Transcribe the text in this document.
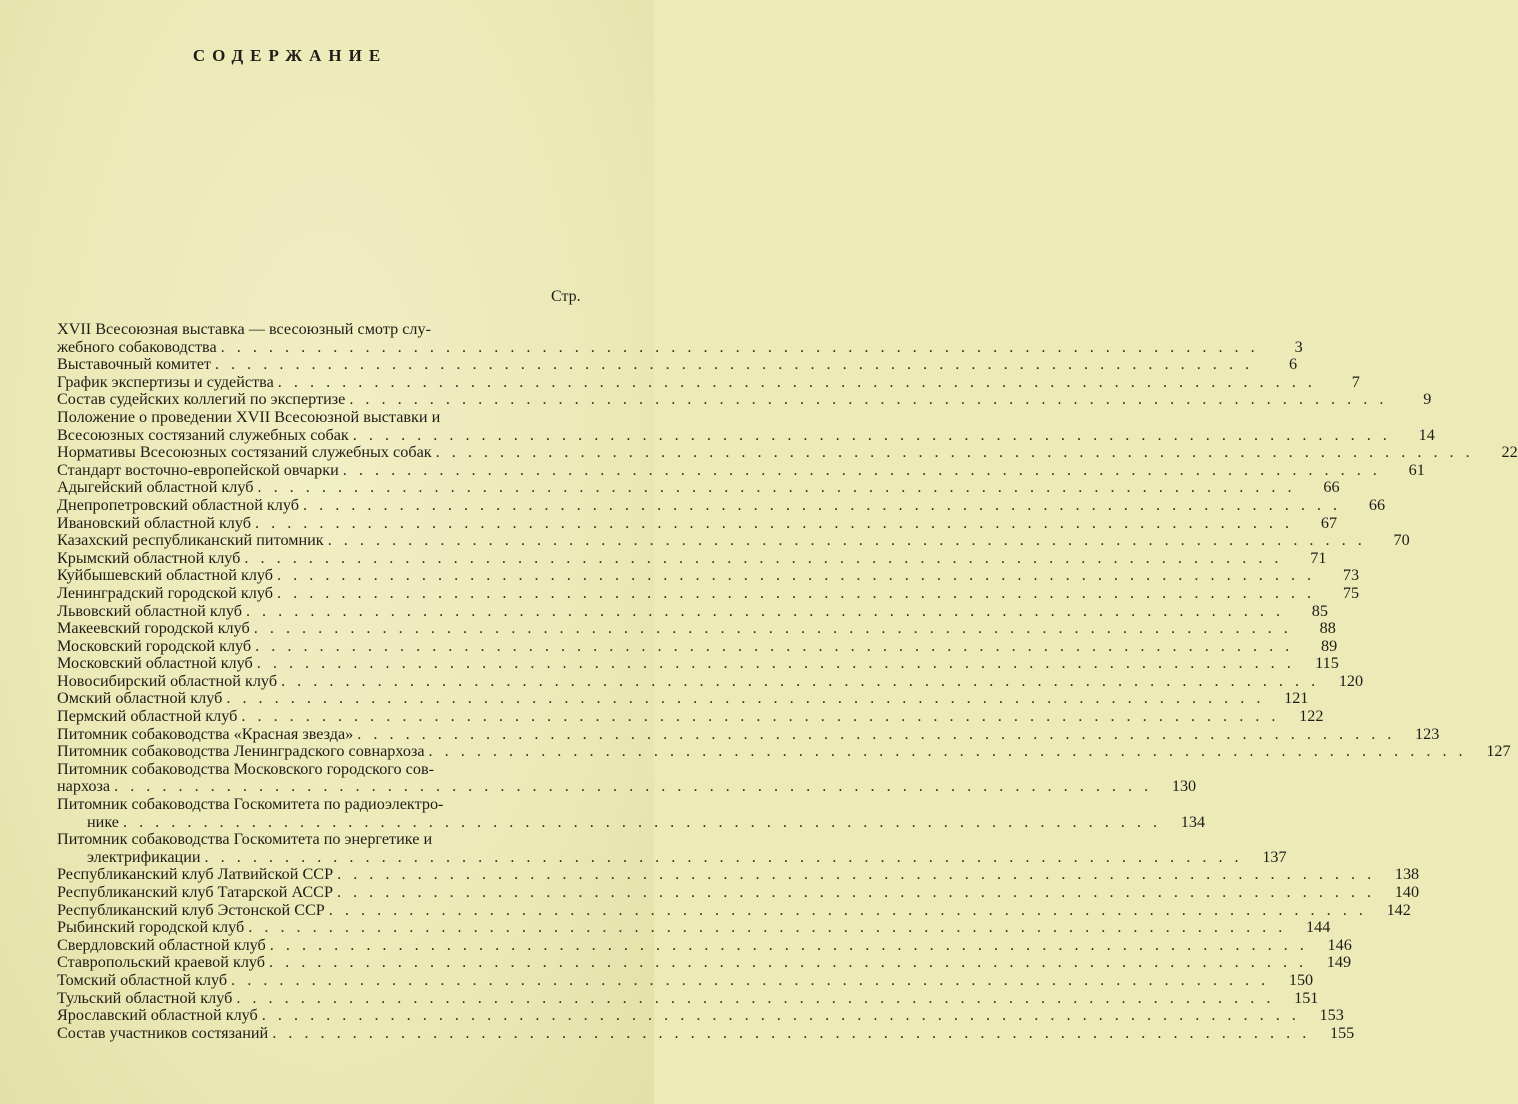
СОДЕРЖАНИЕ
Стр.
XVII Всесоюзная выставка — всесоюзный смотр слу-
жебного собаководства . . .	3
Выставочный комитет . . .	6
График экспертизы и судейства . . .	7
Состав судейских коллегий по экспертизе . . .	9
Положение о проведении XVII Всесоюзной выставки и
Всесоюзных состязаний служебных собак . . .	14
Нормативы Всесоюзных состязаний служебных собак . . .	22
Стандарт восточно-европейской овчарки . . .	61
Адыгейский областной клуб . . .	66
Днепропетровский областной клуб . . .	66
Ивановский областной клуб . . .	67
Казахский республиканский питомник . . .	70
Крымский областной клуб . . .	71
Куйбышевский областной клуб . . .	73
Ленинградский городской клуб . . .	75
Львовский областной клуб . . .	85
Макеевский городской клуб . . .	88
Московский городской клуб . . .	89
Московский областной клуб . . .	115
Новосибирский областной клуб . . .	120
Омский областной клуб . . .	121
Пермский областной клуб . . .	122
Питомник собаководства «Красная звезда» . . .	123
Питомник собаководства Ленинградского совнархоза . . .	127
Питомник собаководства Московского городского сов-
нархоза . . .	130
Питомник собаководства Госкомитета по радиоэлектро-
нике . . .	134
Питомник собаководства Госкомитета по энергетике и
электрификации . . .	137
Республиканский клуб Латвийской ССР . . .	138
Республиканский клуб Татарской АССР . . .	140
Республиканский клуб Эстонской ССР . . .	142
Рыбинский городской клуб . . .	144
Свердловский областной клуб . . .	146
Ставропольский краевой клуб . . .	149
Томский областной клуб . . .	150
Тульский областной клуб . . .	151
Ярославский областной клуб . . .	153
Состав участников состязаний . . .	155
